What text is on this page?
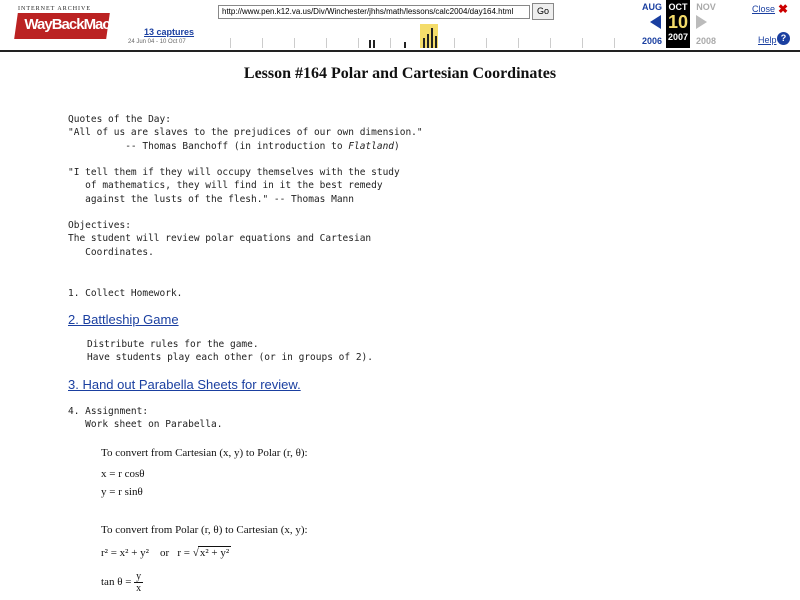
INTERNET ARCHIVE
WayBackMachine
http://www.pen.k12.va.us/Div/Winchester/jhhs/math/lessons/calc2004/day164.html	Go
13 captures
24 Jun 04 - 10 Oct 07
AUG	NOV
2006	2008
OCT
10
2007
Close ✖
Help ?
Lesson #164 Polar and Cartesian Coordinates
Quotes of the Day:
"All of us are slaves to the prejudices of our own dimension."
-- Thomas Banchoff (in introduction to Flatland)
"I tell them if they will occupy themselves with the study
of mathematics, they will find in it the best remedy
against the lusts of the flesh." -- Thomas Mann
Objectives:
The student will review polar equations and Cartesian
Coordinates.
1. Collect Homework.
2. Battleship Game
Distribute rules for the game.
Have students play each other (or in groups of 2).
3. Hand out Parabella Sheets for review.
4. Assignment:
Work sheet on Parabella.
To convert from Cartesian (x, y) to Polar (r, θ):
x = r cosθ
y = r sinθ
To convert from Polar (r, θ) to Cartesian (x, y):
r² = x² + y² or r = √x² + y²
$\tan \theta = \frac{y}{x}$
